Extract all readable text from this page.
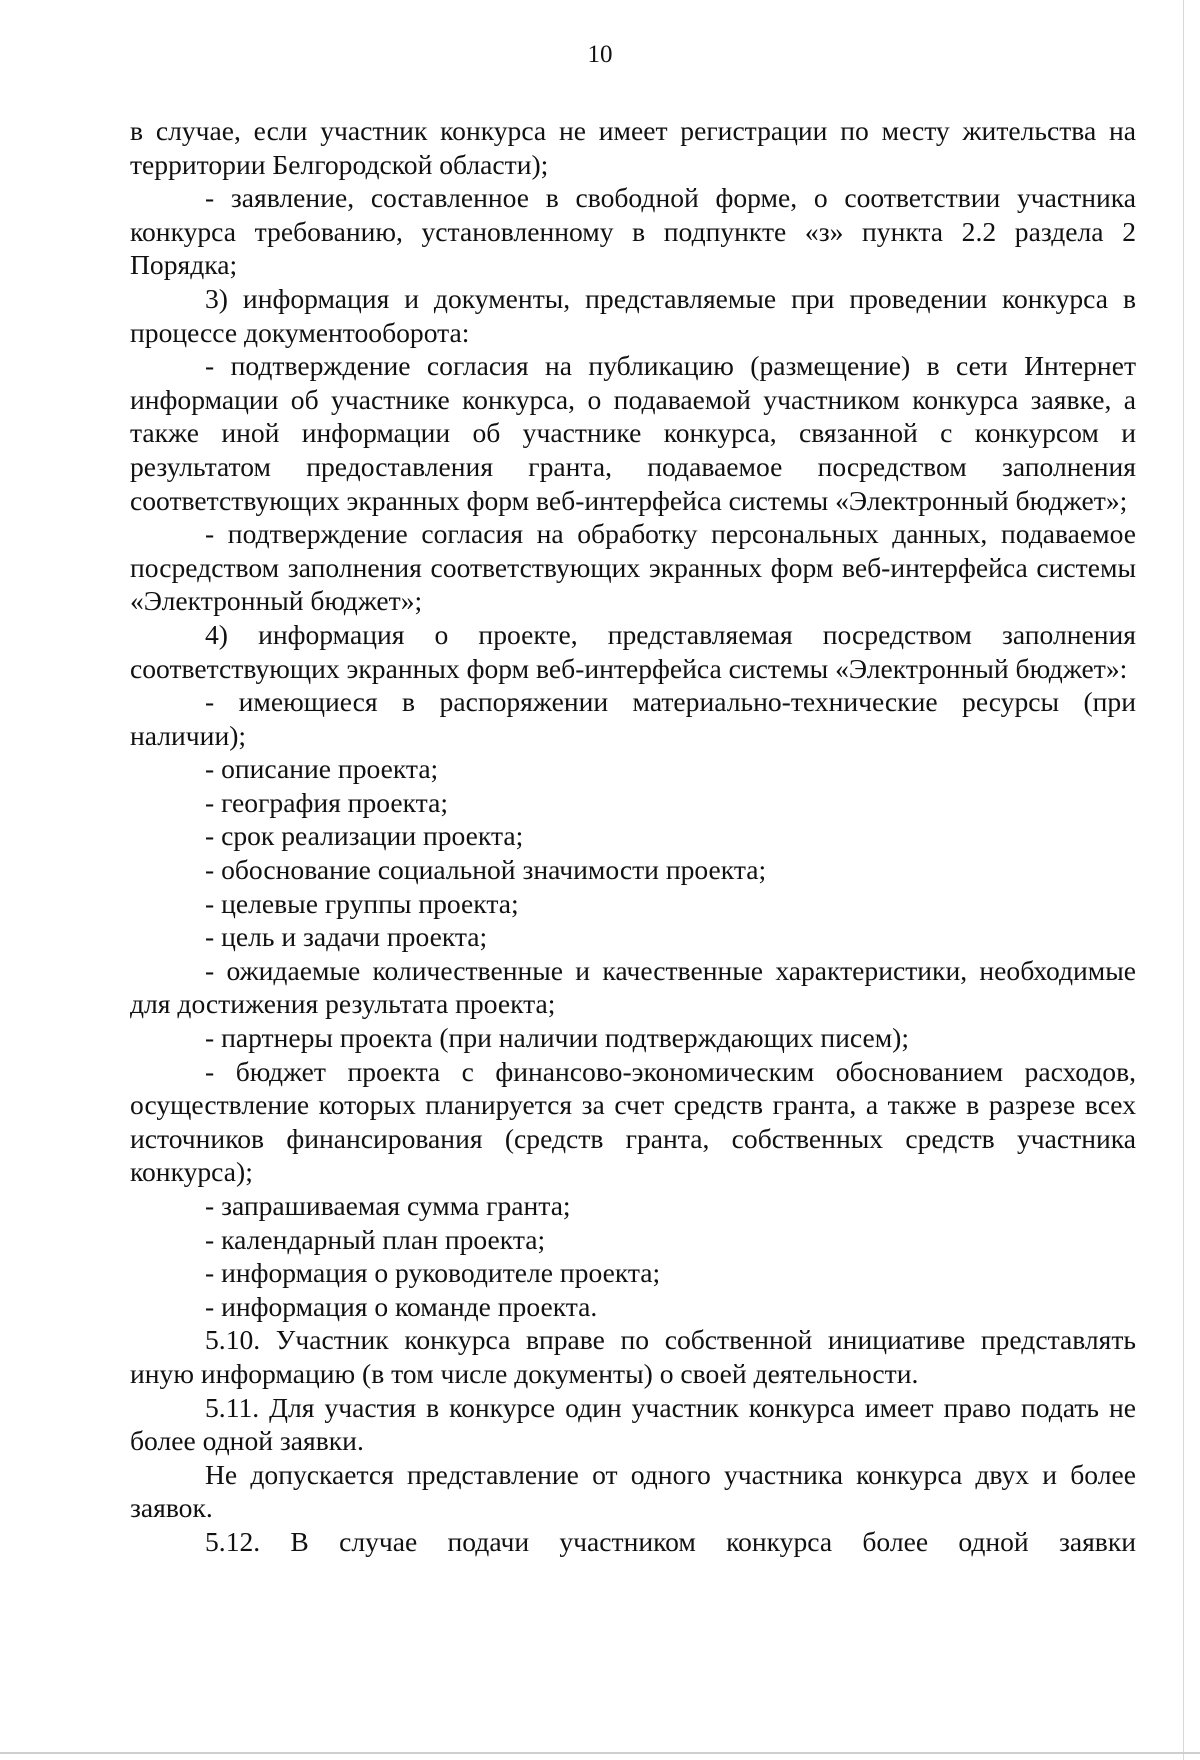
10

в случае, если участник конкурса не имеет регистрации по месту жительства на территории Белгородской области);

- заявление, составленное в свободной форме, о соответствии участника конкурса требованию, установленному в подпункте «з» пункта 2.2 раздела 2 Порядка;

3) информация и документы, представляемые при проведении конкурса в процессе документооборота:

- подтверждение согласия на публикацию (размещение) в сети Интернет информации об участнике конкурса, о подаваемой участником конкурса заявке, а также иной информации об участнике конкурса, связанной с конкурсом и результатом предоставления гранта, подаваемое посредством заполнения соответствующих экранных форм веб-интерфейса системы «Электронный бюджет»;

- подтверждение согласия на обработку персональных данных, подаваемое посредством заполнения соответствующих экранных форм веб-интерфейса системы «Электронный бюджет»;

4) информация о проекте, представляемая посредством заполнения соответствующих экранных форм веб-интерфейса системы «Электронный бюджет»:

- имеющиеся в распоряжении материально-технические ресурсы (при наличии);

- описание проекта;

- география проекта;

- срок реализации проекта;

- обоснование социальной значимости проекта;

- целевые группы проекта;

- цель и задачи проекта;

- ожидаемые количественные и качественные характеристики, необходимые для достижения результата проекта;

- партнеры проекта (при наличии подтверждающих писем);

- бюджет проекта с финансово-экономическим обоснованием расходов, осуществление которых планируется за счет средств гранта, а также в разрезе всех источников финансирования (средств гранта, собственных средств участника конкурса);

- запрашиваемая сумма гранта;

- календарный план проекта;

- информация о руководителе проекта;

- информация о команде проекта.

5.10. Участник конкурса вправе по собственной инициативе представлять иную информацию (в том числе документы) о своей деятельности.

5.11. Для участия в конкурсе один участник конкурса имеет право подать не более одной заявки.

Не допускается представление от одного участника конкурса двух и более заявок.

5.12. В случае подачи участником конкурса более одной заявки
